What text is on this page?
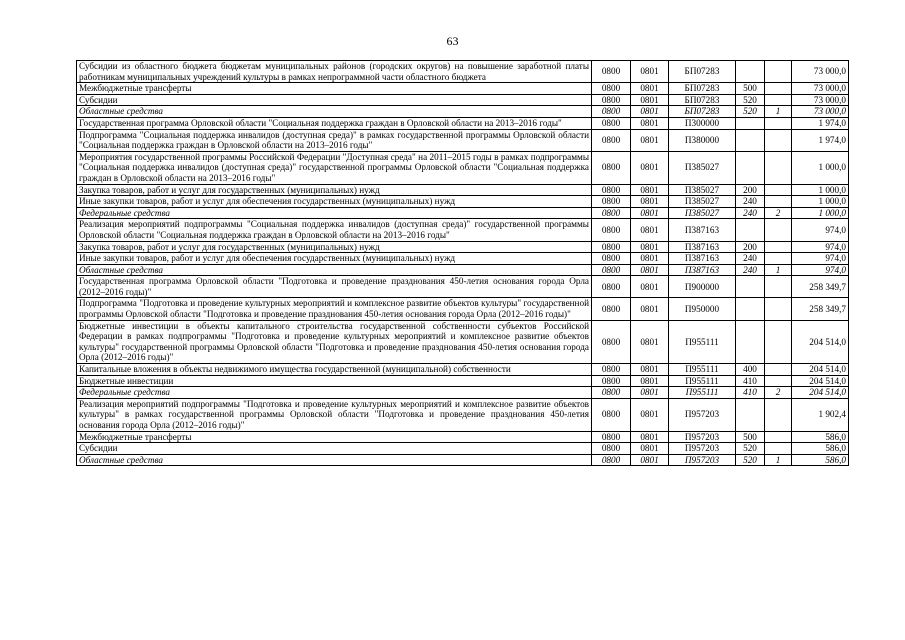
63
Субсидии из областного бюджета бюджетам муниципальных районов (городских округов) на повышение заработной платы работникам муниципальных учреждений культуры в рамках непрограммной части областного бюджета	0800	0801	БП07283			73 000,0
Межбюджетные трансферты	0800	0801	БП07283	500		73 000,0
Субсидии	0800	0801	БП07283	520		73 000,0
Областные средства	0800	0801	БП07283	520	1	73 000,0
Государственная программа Орловской области "Социальная поддержка граждан в Орловской области на 2013–2016 годы"	0800	0801	П300000			1 974,0
Подпрограмма "Социальная поддержка инвалидов (доступная среда)" в рамках государственной программы Орловской области "Социальная поддержка граждан в Орловской области на 2013–2016 годы"	0800	0801	П380000			1 974,0
Мероприятия государственной программы Российской Федерации "Доступная среда" на 2011–2015 годы в рамках подпрограммы "Социальная поддержка инвалидов (доступная среда)" государственной программы Орловской области "Социальная поддержка граждан в Орловской области на 2013–2016 годы"	0800	0801	П385027			1 000,0
Закупка товаров, работ и услуг для государственных (муниципальных) нужд	0800	0801	П385027	200		1 000,0
Иные закупки товаров, работ и услуг для обеспечения государственных (муниципальных) нужд	0800	0801	П385027	240		1 000,0
Федеральные средства	0800	0801	П385027	240	2	1 000,0
Реализация мероприятий подпрограммы "Социальная поддержка инвалидов (доступная среда)" государственной программы Орловской области "Социальная поддержка граждан в Орловской области на 2013–2016 годы"	0800	0801	П387163			974,0
Закупка товаров, работ и услуг для государственных (муниципальных) нужд	0800	0801	П387163	200		974,0
Иные закупки товаров, работ и услуг для обеспечения государственных (муниципальных) нужд	0800	0801	П387163	240		974,0
Областные средства	0800	0801	П387163	240	1	974,0
Государственная программа Орловской области "Подготовка и проведение празднования 450-летия основания города Орла (2012–2016 годы)"	0800	0801	П900000			258 349,7
Подпрограмма "Подготовка и проведение культурных мероприятий и комплексное развитие объектов культуры" государственной программы Орловской области "Подготовка и проведение празднования 450-летия основания города Орла (2012–2016 годы)"	0800	0801	П950000			258 349,7
Бюджетные инвестиции в объекты капитального строительства государственной собственности субъектов Российской Федерации в рамках подпрограммы "Подготовка и проведение культурных мероприятий и комплексное развитие объектов культуры" государственной программы Орловской области "Подготовка и проведение празднования 450-летия основания города Орла (2012–2016 годы)"	0800	0801	П955111			204 514,0
Капитальные вложения в объекты недвижимого имущества государственной (муниципальной) собственности	0800	0801	П955111	400		204 514,0
Бюджетные инвестиции	0800	0801	П955111	410		204 514,0
Федеральные средства	0800	0801	П955111	410	2	204 514,0
Реализация мероприятий подпрограммы "Подготовка и проведение культурных мероприятий и комплексное развитие объектов культуры" в рамках государственной программы Орловской области "Подготовка и проведение празднования 450-летия основания города Орла (2012–2016 годы)"	0800	0801	П957203			1 902,4
Межбюджетные трансферты	0800	0801	П957203	500		586,0
Субсидии	0800	0801	П957203	520		586,0
Областные средства	0800	0801	П957203	520	1	586,0
